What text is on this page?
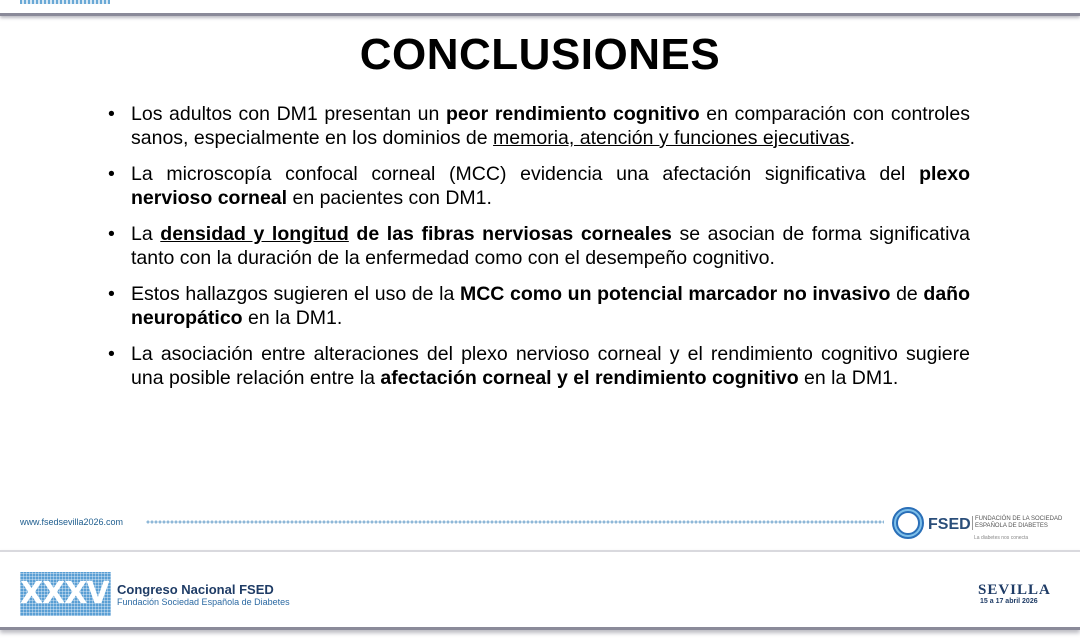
CONCLUSIONES
• Los adultos con DM1 presentan un peor rendimiento cognitivo en comparación con controles sanos, especialmente en los dominios de memoria, atención y funciones ejecutivas.
• La microscopía confocal corneal (MCC) evidencia una afectación significativa del plexo nervioso corneal en pacientes con DM1.
• La densidad y longitud de las fibras nerviosas corneales se asocian de forma significativa tanto con la duración de la enfermedad como con el desempeño cognitivo.
• Estos hallazgos sugieren el uso de la MCC como un potencial marcador no invasivo de daño neuropático en la DM1.
• La asociación entre alteraciones del plexo nervioso corneal y el rendimiento cognitivo sugiere una posible relación entre la afectación corneal y el rendimiento cognitivo en la DM1.
www.fsedsevilla2026.com	FSED FUNDACIÓN DE LA SOCIEDAD ESPAÑOLA DE DIABETES
La diabetes nos conecta
XXXVII
Congreso Nacional FSED
Fundación Sociedad Española de Diabetes
SEVILLA
15 a 17 abril 2026
